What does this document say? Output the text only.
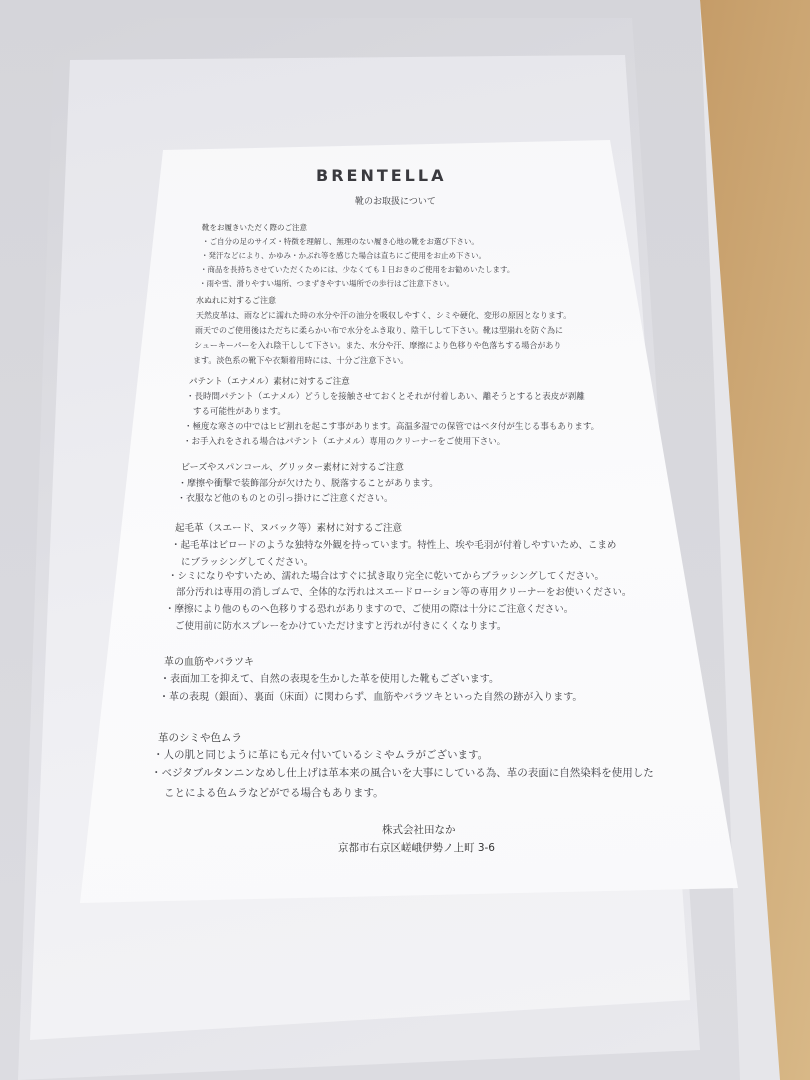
BRENTELLA
靴のお取扱について
靴をお履きいただく際のご注意
・ご自分の足のサイズ・特徴を理解し、無理のない履き心地の靴をお選び下さい。
・発汗などにより、かゆみ・かぶれ等を感じた場合は直ちにご使用をお止め下さい。
・商品を長持ちさせていただくためには、少なくても１日おきのご使用をお勧めいたします。
・雨や雪、滑りやすい場所、つまずきやすい場所での歩行はご注意下さい。
水ぬれに対するご注意
天然皮革は、雨などに濡れた時の水分や汗の油分を吸収しやすく、シミや硬化、変形の原因となります。
雨天でのご使用後はただちに柔らかい布で水分をふき取り、陰干しして下さい。靴は型崩れを防ぐ為に
シューキーパーを入れ陰干しして下さい。また、水分や汗、摩擦により色移りや色落ちする場合があり
ます。淡色系の靴下や衣類着用時には、十分ご注意下さい。
パテント（エナメル）素材に対するご注意
・長時間パテント（エナメル）どうしを接触させておくとそれが付着しあい、離そうとすると表皮が剥離
する可能性があります。
・極度な寒さの中ではヒビ割れを起こす事があります。高温多湿での保管ではベタ付が生じる事もあります。
・お手入れをされる場合はパテント（エナメル）専用のクリーナーをご使用下さい。
ビーズやスパンコール、グリッター素材に対するご注意
・摩擦や衝撃で装飾部分が欠けたり、脱落することがあります。
・衣服など他のものとの引っ掛けにご注意ください。
起毛革（スエード、ヌバック等）素材に対するご注意
・起毛革はビロードのような独特な外観を持っています。特性上、埃や毛羽が付着しやすいため、こまめ
にブラッシングしてください。
・シミになりやすいため、濡れた場合はすぐに拭き取り完全に乾いてからブラッシングしてください。
部分汚れは専用の消しゴムで、全体的な汚れはスエードローション等の専用クリーナーをお使いください。
・摩擦により他のものへ色移りする恐れがありますので、ご使用の際は十分にご注意ください。
ご使用前に防水スプレーをかけていただけますと汚れが付きにくくなります。
革の血筋やバラツキ
・表面加工を抑えて、自然の表現を生かした革を使用した靴もございます。
・革の表現（銀面）、裏面（床面）に関わらず、血筋やバラツキといった自然の跡が入ります。
革のシミや色ムラ
・人の肌と同じように革にも元々付いているシミやムラがございます。
・ベジタブルタンニンなめし仕上げは革本来の風合いを大事にしている為、革の表面に自然染料を使用した
ことによる色ムラなどがでる場合もあります。
株式会社田なか
京都市右京区嵯峨伊勢ノ上町 3-6
